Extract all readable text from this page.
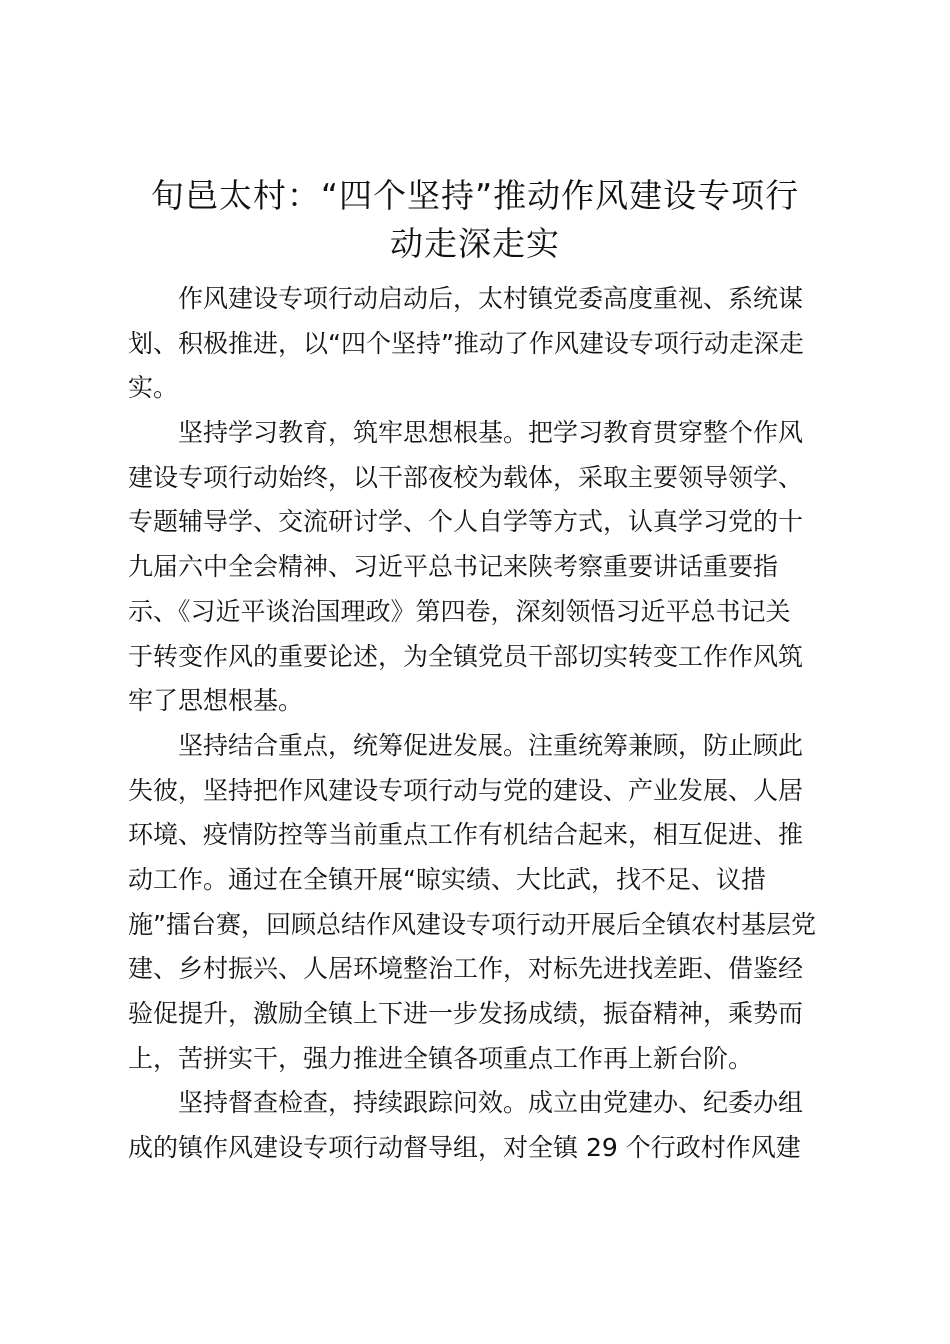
旬邑太村：“四个坚持”推动作风建设专项行
动走深走实
作风建设专项行动启动后，太村镇党委高度重视、系统谋
划、积极推进，以“四个坚持”推动了作风建设专项行动走深走
实。
坚持学习教育，筑牢思想根基。把学习教育贯穿整个作风
建设专项行动始终，以干部夜校为载体，采取主要领导领学、
专题辅导学、交流研讨学、个人自学等方式，认真学习党的十
九届六中全会精神、习近平总书记来陕考察重要讲话重要指
示、《习近平谈治国理政》第四卷，深刻领悟习近平总书记关
于转变作风的重要论述，为全镇党员干部切实转变工作作风筑
牢了思想根基。
坚持结合重点，统筹促进发展。注重统筹兼顾，防止顾此
失彼，坚持把作风建设专项行动与党的建设、产业发展、人居
环境、疫情防控等当前重点工作有机结合起来，相互促进、推
动工作。通过在全镇开展“晾实绩、大比武，找不足、议措
施”擂台赛，回顾总结作风建设专项行动开展后全镇农村基层党
建、乡村振兴、人居环境整治工作，对标先进找差距、借鉴经
验促提升，激励全镇上下进一步发扬成绩，振奋精神，乘势而
上，苦拼实干，强力推进全镇各项重点工作再上新台阶。
坚持督查检查，持续跟踪问效。成立由党建办、纪委办组
成的镇作风建设专项行动督导组，对全镇 29 个行政村作风建
